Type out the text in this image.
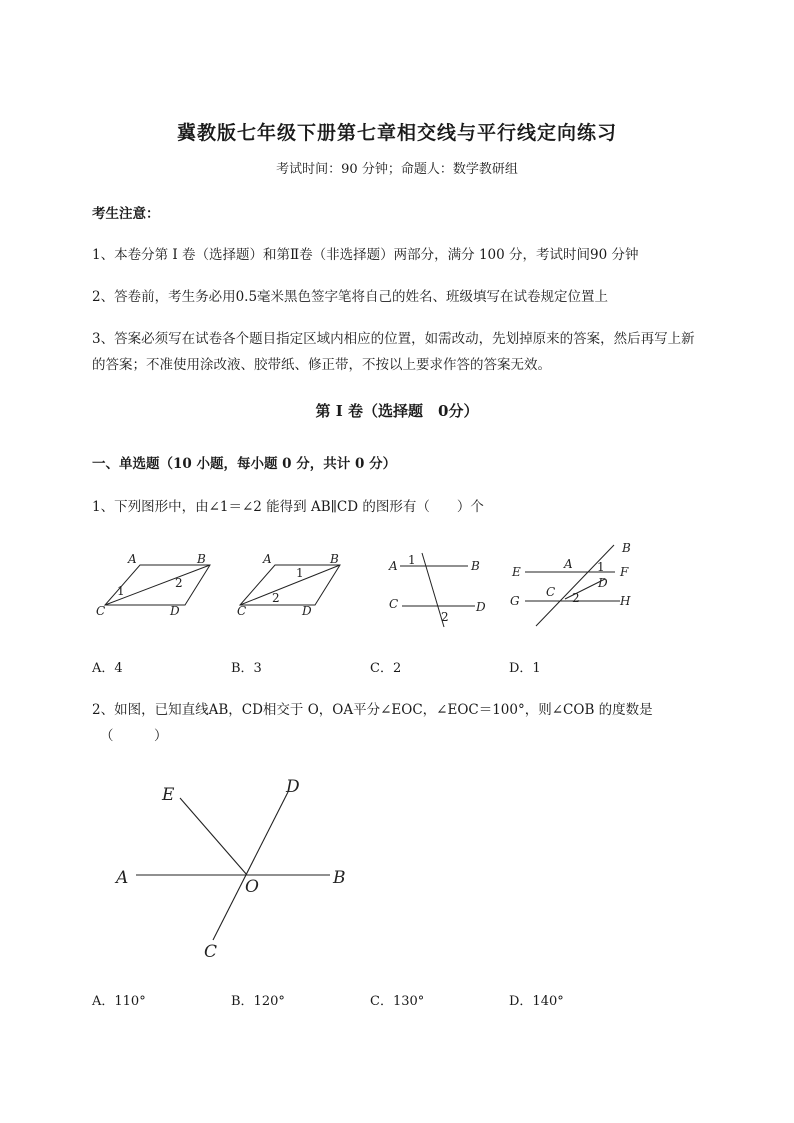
冀教版七年级下册第七章相交线与平行线定向练习
考试时间：90 分钟；命题人：数学教研组
考生注意：
1、本卷分第 I 卷（选择题）和第Ⅱ卷（非选择题）两部分，满分 100 分，考试时间90 分钟
2、答卷前，考生务必用0.5毫米黑色签字笔将自己的姓名、班级填写在试卷规定位置上
3、答案必须写在试卷各个题目指定区域内相应的位置，如需改动，先划掉原来的答案，然后再写上新
的答案；不准使用涂改液、胶带纸、修正带，不按以上要求作答的答案无效。
第 I 卷（选择题　0分）
一、单选题（10 小题，每小题 0 分，共计 0 分）
1、下列图形中，由∠1＝∠2 能得到 AB∥CD 的图形有（　　）个
A	B
C	D
1
2
A	B
C	D
1
2
A	B
C	D
1
2
B
E
A 1 F
D
G
C 2	H
A．4	B．3	C．2	D．1
2、如图，已知直线AB，CD相交于 O，OA平分∠EOC，∠EOC＝100°，则∠COB 的度数是
（　　　）
E	D
A	O	B
C
A．110°	B．120°	C．130°	D．140°
